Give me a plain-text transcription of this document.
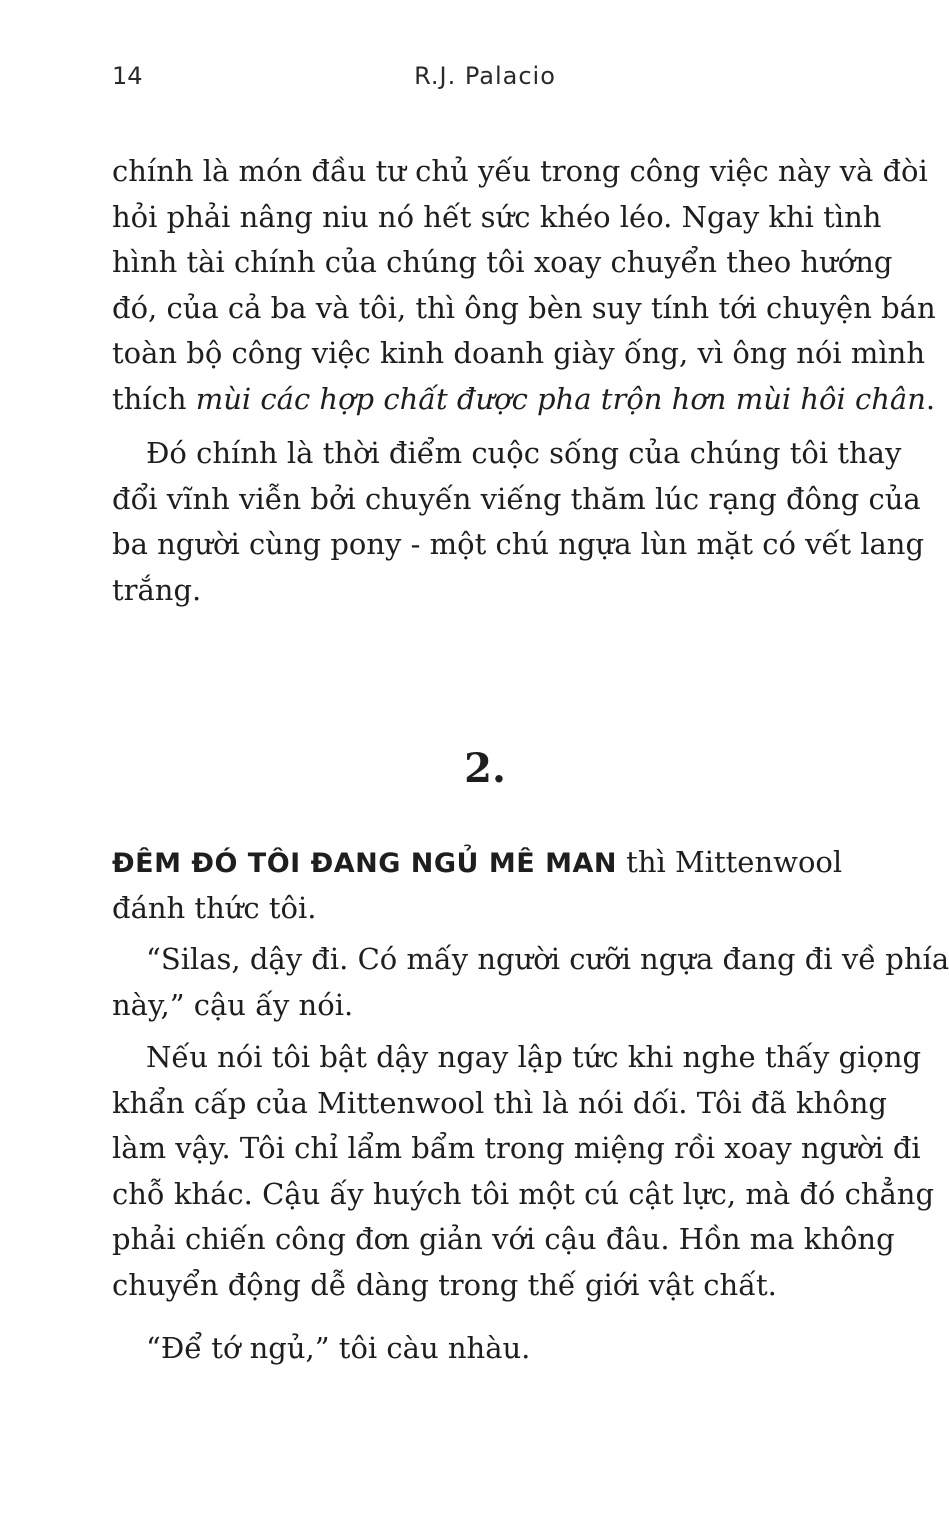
14	R.J. Palacio
chính là món đầu tư chủ yếu trong công việc này và đòi
hỏi phải nâng niu nó hết sức khéo léo. Ngay khi tình
hình tài chính của chúng tôi xoay chuyển theo hướng
đó, của cả ba và tôi, thì ông bèn suy tính tới chuyện bán
toàn bộ công việc kinh doanh giày ống, vì ông nói mình
thích mùi các hợp chất được pha trộn hơn mùi hôi chân.
Đó chính là thời điểm cuộc sống của chúng tôi thay
đổi vĩnh viễn bởi chuyến viếng thăm lúc rạng đông của
ba người cùng pony - một chú ngựa lùn mặt có vết lang
trắng.
2.
ĐÊM ĐÓ TÔI ĐANG NGỦ MÊ MAN thì Mittenwool
đánh thức tôi.
“Silas, dậy đi. Có mấy người cưỡi ngựa đang đi về phía
này,” cậu ấy nói.
Nếu nói tôi bật dậy ngay lập tức khi nghe thấy giọng
khẩn cấp của Mittenwool thì là nói dối. Tôi đã không
làm vậy. Tôi chỉ lẩm bẩm trong miệng rồi xoay người đi
chỗ khác. Cậu ấy huých tôi một cú cật lực, mà đó chẳng
phải chiến công đơn giản với cậu đâu. Hồn ma không
chuyển động dễ dàng trong thế giới vật chất.
“Để tớ ngủ,” tôi càu nhàu.
